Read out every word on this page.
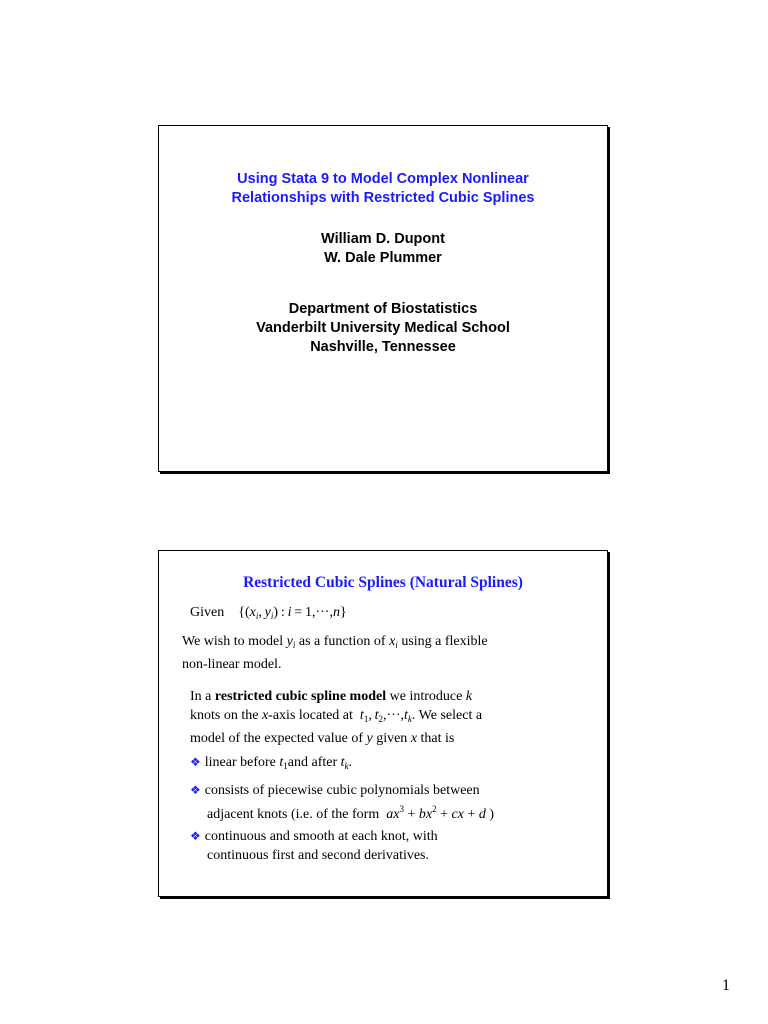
Using Stata 9 to Model Complex Nonlinear
Relationships with Restricted Cubic Splines
William D. Dupont
W. Dale Plummer
Department of Biostatistics
Vanderbilt University Medical School
Nashville, Tennessee
Restricted Cubic Splines (Natural Splines)
Given    {($x_i$, $y_i$) : i = 1,···,n}
We wish to model $y_i$ as a function of $x_i$ using a flexible
non-linear model.
In a restricted cubic spline model we introduce k
knots on the x-axis located at $t_1$, $t_2,\cdot\cdot\cdot,t_k$. We select a
model of the expected value of y given x that is
❖ linear before $t_1and$ after $t_k$.
❖ consists of piecewise cubic polynomials between
adjacent knots (i.e. of the form $ax^3 + bx^2$ + cx + d )
❖ continuous and smooth at each knot, with
continuous first and second derivatives.
1
